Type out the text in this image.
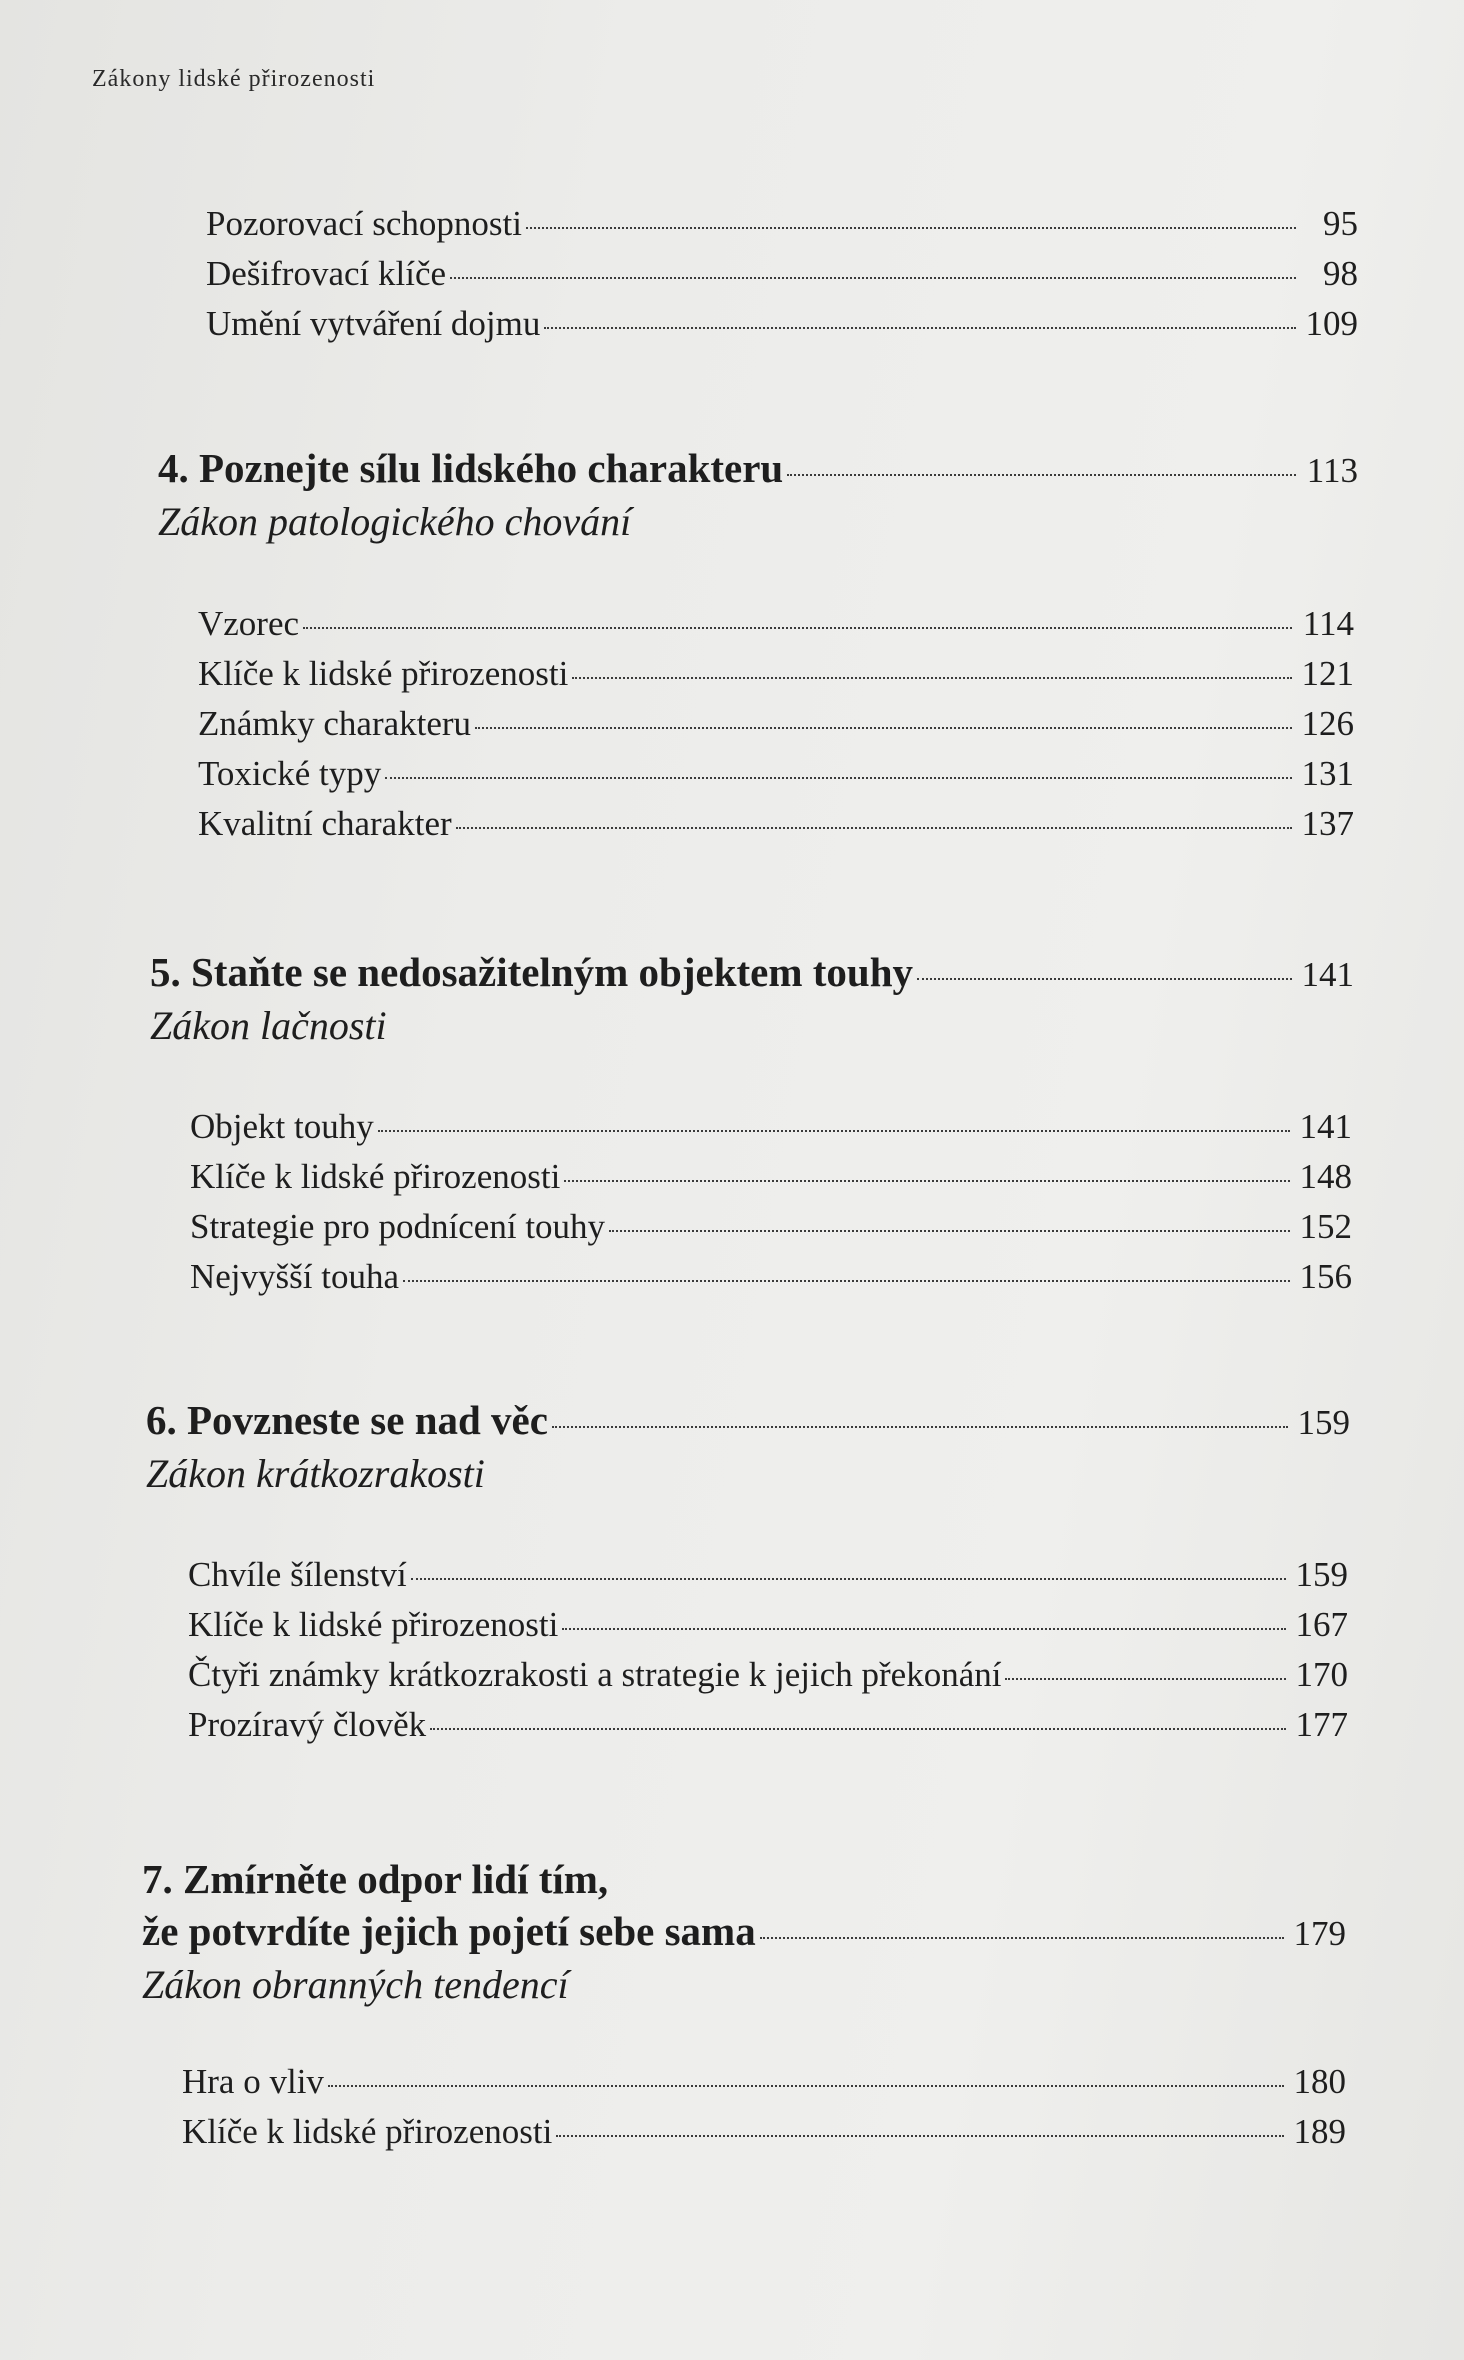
Zákony lidské přirozenosti
Pozorovací schopnosti	95
Dešifrovací klíče	98
Umění vytváření dojmu	109
4. Poznejte sílu lidského charakteru	113
Zákon patologického chování
Vzorec	114
Klíče k lidské přirozenosti	121
Známky charakteru	126
Toxické typy	131
Kvalitní charakter	137
5. Staňte se nedosažitelným objektem touhy	141
Zákon lačnosti
Objekt touhy	141
Klíče k lidské přirozenosti	148
Strategie pro podnícení touhy	152
Nejvyšší touha	156
6. Povzneste se nad věc	159
Zákon krátkozrakosti
Chvíle šílenství	159
Klíče k lidské přirozenosti	167
Čtyři známky krátkozrakosti a strategie k jejich překonání	170
Prozíravý člověk	177
7. Zmírněte odpor lidí tím,
že potvrdíte jejich pojetí sebe sama	179
Zákon obranných tendencí
Hra o vliv	180
Klíče k lidské přirozenosti	189
